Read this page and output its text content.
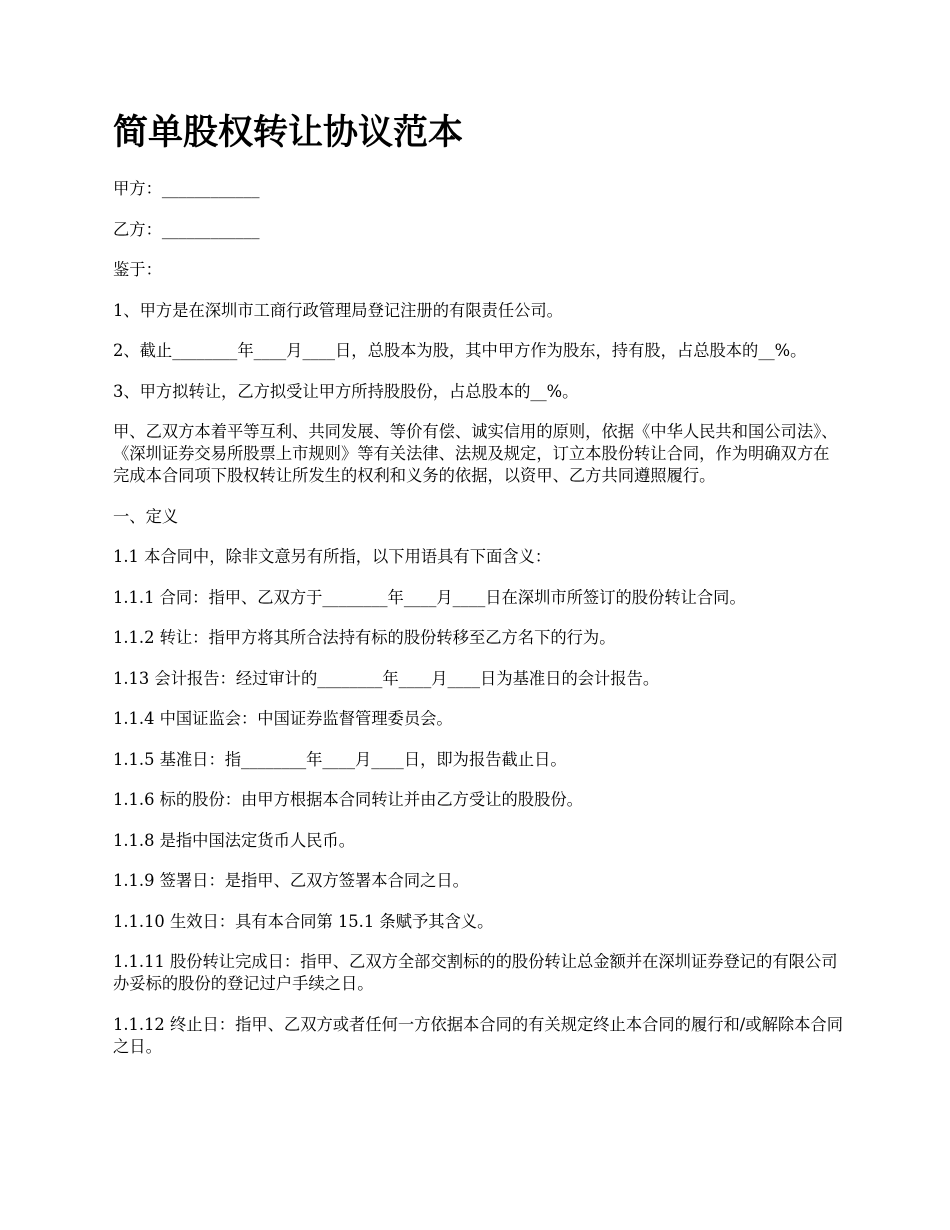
简单股权转让协议范本

甲方：____________

乙方：____________

鉴于：

1、甲方是在深圳市工商行政管理局登记注册的有限责任公司。

2、截止________年____月____日，总股本为股，其中甲方作为股东，持有股，占总股本的__%。

3、甲方拟转让，乙方拟受让甲方所持股股份，占总股本的__%。

甲、乙双方本着平等互利、共同发展、等价有偿、诚实信用的原则，依据《中华人民共和国公司法》、《深圳证券交易所股票上市规则》等有关法律、法规及规定，订立本股份转让合同，作为明确双方在完成本合同项下股权转让所发生的权利和义务的依据，以资甲、乙方共同遵照履行。

一、定义

1.1 本合同中，除非文意另有所指，以下用语具有下面含义：

1.1.1 合同：指甲、乙双方于________年____月____日在深圳市所签订的股份转让合同。

1.1.2 转让：指甲方将其所合法持有标的股份转移至乙方名下的行为。

1.13 会计报告：经过审计的________年____月____日为基准日的会计报告。

1.1.4 中国证监会：中国证券监督管理委员会。

1.1.5 基准日：指________年____月____日，即为报告截止日。

1.1.6 标的股份：由甲方根据本合同转让并由乙方受让的股股份。

1.1.8 是指中国法定货币人民币。

1.1.9 签署日：是指甲、乙双方签署本合同之日。

1.1.10 生效日：具有本合同第 15.1 条赋予其含义。

1.1.11 股份转让完成日：指甲、乙双方全部交割标的的股份转让总金额并在深圳证券登记的有限公司办妥标的股份的登记过户手续之日。

1.1.12 终止日：指甲、乙双方或者任何一方依据本合同的有关规定终止本合同的履行和/或解除本合同之日。
